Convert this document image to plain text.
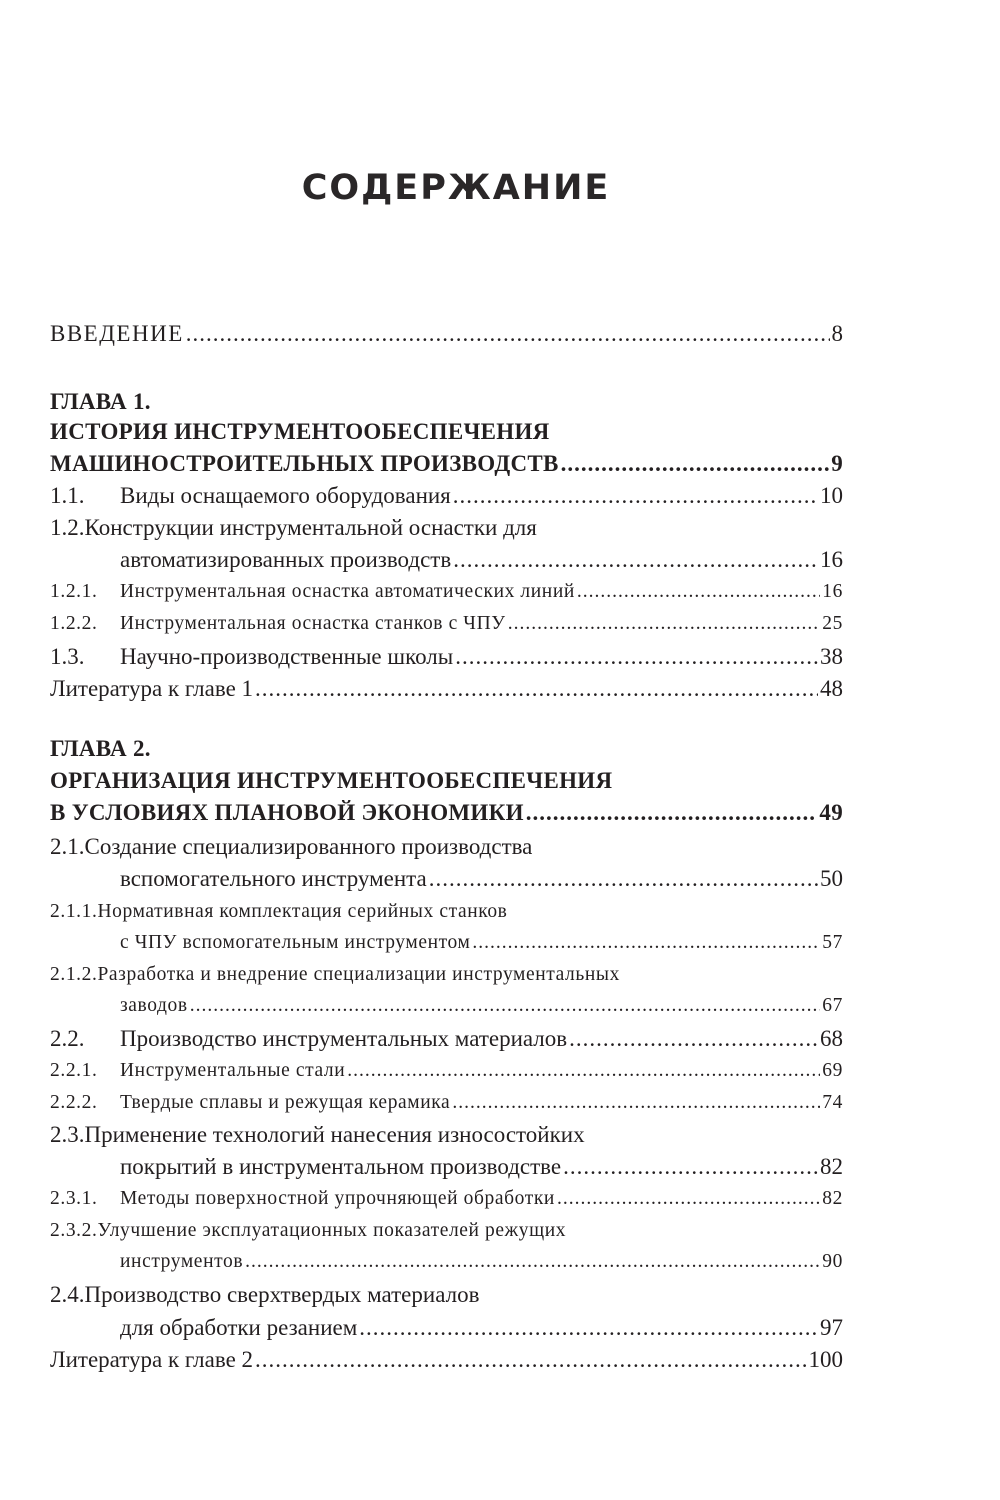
СОДЕРЖАНИЕ
ВВЕДЕНИЕ .....	8
ГЛАВА 1.
ИСТОРИЯ ИНСТРУМЕНТООБЕСПЕЧЕНИЯ
МАШИНОСТРОИТЕЛЬНЫХ ПРОИЗВОДСТВ .....	9
1.1.	Виды оснащаемого оборудования .....	10
1.2.Конструкции инструментальной оснастки для
автоматизированных производств .....	16
1.2.1.	Инструментальная оснастка автоматических линий .....	16
1.2.2.	Инструментальная оснастка станков с ЧПУ .....	25
1.3.	Научно-производственные школы .....	38
Литература к главе 1 .....	48
ГЛАВА 2.
ОРГАНИЗАЦИЯ ИНСТРУМЕНТООБЕСПЕЧЕНИЯ
В УСЛОВИЯХ ПЛАНОВОЙ ЭКОНОМИКИ .....	49
2.1.Создание специализированного производства
вспомогательного инструмента .....	50
2.1.1.Нормативная комплектация серийных станков
с ЧПУ вспомогательным инструментом .....	57
2.1.2.Разработка и внедрение специализации инструментальных
заводов .....	67
2.2.	Производство инструментальных материалов .....	68
2.2.1.	Инструментальные стали .....	69
2.2.2.	Твердые сплавы и режущая керамика .....	74
2.3.Применение технологий нанесения износостойких
покрытий в инструментальном производстве .....	82
2.3.1.	Методы поверхностной упрочняющей обработки .....	82
2.3.2.Улучшение эксплуатационных показателей режущих
инструментов .....	90
2.4.Производство сверхтвердых материалов
для обработки резанием .....	97
Литература к главе 2 .....	100
